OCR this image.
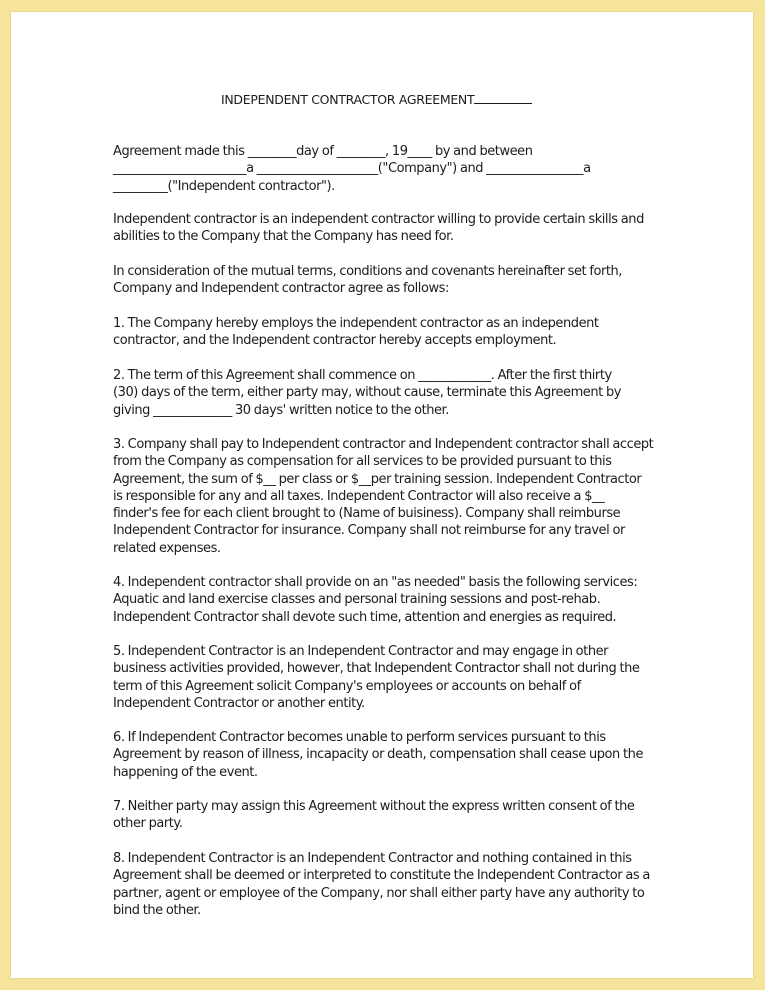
INDEPENDENT CONTRACTOR AGREEMENT
Agreement made this ________day of ________, 19____ by and between
______________________a ____________________("Company") and ________________a
_________("Independent contractor").
Independent contractor is an independent contractor willing to provide certain skills and
abilities to the Company that the Company has need for.
In consideration of the mutual terms, conditions and covenants hereinafter set forth,
Company and Independent contractor agree as follows:
1. The Company hereby employs the independent contractor as an independent
contractor, and the Independent contractor hereby accepts employment.
2. The term of this Agreement shall commence on ____________. After the first thirty
(30) days of the term, either party may, without cause, terminate this Agreement by
giving _____________ 30 days' written notice to the other.
3. Company shall pay to Independent contractor and Independent contractor shall accept
from the Company as compensation for all services to be provided pursuant to this
Agreement, the sum of $__ per class or $__per training session. Independent Contractor
is responsible for any and all taxes. Independent Contractor will also receive a $__
finder's fee for each client brought to (Name of buisiness). Company shall reimburse
Independent Contractor for insurance. Company shall not reimburse for any travel or
related expenses.
4. Independent contractor shall provide on an "as needed" basis the following services:
Aquatic and land exercise classes and personal training sessions and post-rehab.
Independent Contractor shall devote such time, attention and energies as required.
5. Independent Contractor is an Independent Contractor and may engage in other
business activities provided, however, that Independent Contractor shall not during the
term of this Agreement solicit Company's employees or accounts on behalf of
Independent Contractor or another entity.
6. If Independent Contractor becomes unable to perform services pursuant to this
Agreement by reason of illness, incapacity or death, compensation shall cease upon the
happening of the event.
7. Neither party may assign this Agreement without the express written consent of the
other party.
8. Independent Contractor is an Independent Contractor and nothing contained in this
Agreement shall be deemed or interpreted to constitute the Independent Contractor as a
partner, agent or employee of the Company, nor shall either party have any authority to
bind the other.
